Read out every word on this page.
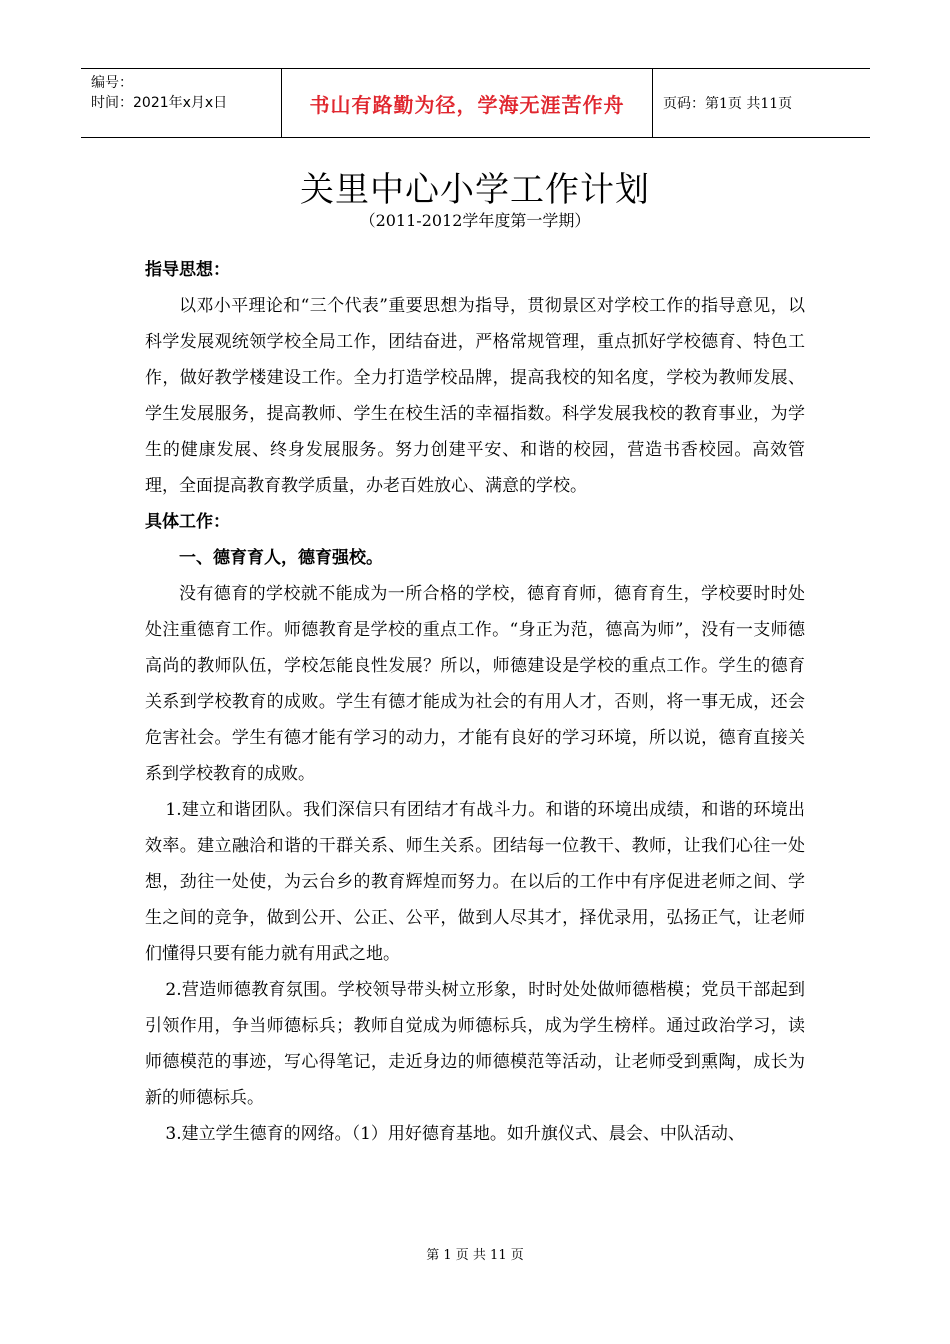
编号：
时间：2021年x月x日	书山有路勤为径，学海无涯苦作舟	页码：第1页 共11页
关里中心小学工作计划
（2011-2012学年度第一学期）

指导思想：

以邓小平理论和“三个代表”重要思想为指导，贯彻景区对学校工作的指导意见，以科学发展观统领学校全局工作，团结奋进，严格常规管理，重点抓好学校德育、特色工作，做好教学楼建设工作。全力打造学校品牌，提高我校的知名度，学校为教师发展、学生发展服务，提高教师、学生在校生活的幸福指数。科学发展我校的教育事业，为学生的健康发展、终身发展服务。努力创建平安、和谐的校园，营造书香校园。高效管理，全面提高教育教学质量，办老百姓放心、满意的学校。

具体工作：

一、德育育人，德育强校。

没有德育的学校就不能成为一所合格的学校，德育育师，德育育生，学校要时时处处注重德育工作。师德教育是学校的重点工作。“身正为范，德高为师”，没有一支师德高尚的教师队伍，学校怎能良性发展？所以，师德建设是学校的重点工作。学生的德育关系到学校教育的成败。学生有德才能成为社会的有用人才，否则，将一事无成，还会危害社会。学生有德才能有学习的动力，才能有良好的学习环境，所以说，德育直接关系到学校教育的成败。

1.建立和谐团队。我们深信只有团结才有战斗力。和谐的环境出成绩，和谐的环境出效率。建立融洽和谐的干群关系、师生关系。团结每一位教干、教师，让我们心往一处想，劲往一处使，为云台乡的教育辉煌而努力。在以后的工作中有序促进老师之间、学生之间的竞争，做到公开、公正、公平，做到人尽其才，择优录用，弘扬正气，让老师们懂得只要有能力就有用武之地。

2.营造师德教育氛围。学校领导带头树立形象，时时处处做师德楷模；党员干部起到引领作用，争当师德标兵；教师自觉成为师德标兵，成为学生榜样。通过政治学习，读师德模范的事迹，写心得笔记，走近身边的师德模范等活动，让老师受到熏陶，成长为新的师德标兵。

3.建立学生德育的网络。（1）用好德育基地。如升旗仪式、晨会、中队活动、

第 1 页 共 11 页
